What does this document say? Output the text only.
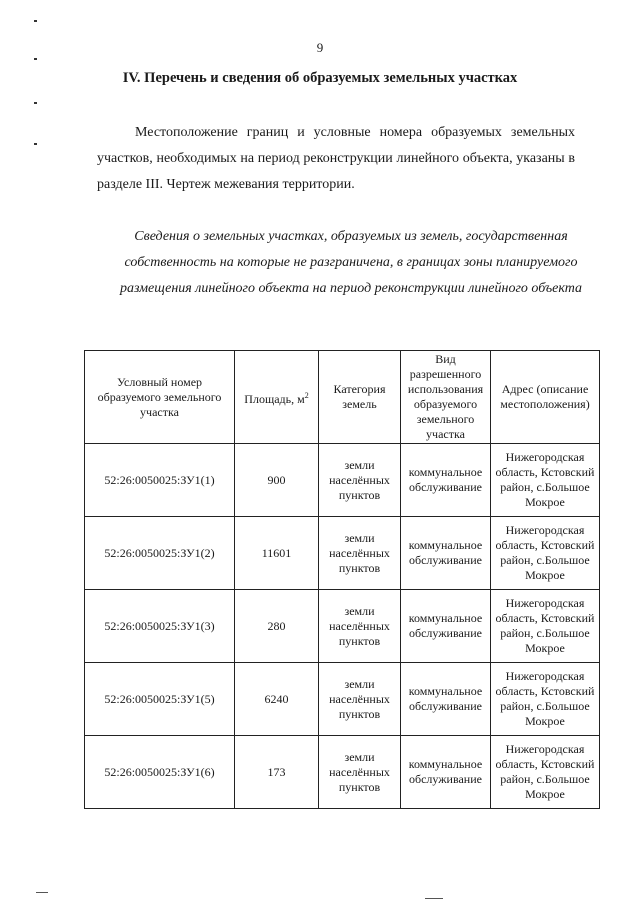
9
IV. Перечень и сведения об образуемых земельных участках

Местоположение границ и условные номера образуемых земельных участков, необходимых на период реконструкции линейного объекта, указаны в разделе III. Чертеж межевания территории.

Сведения о земельных участках, образуемых из земель, государственная собственность на которые не разграничена, в границах зоны планируемого размещения линейного объекта на период реконструкции линейного объекта

Условный номер образуемого земельного участка	Площадь, $м^2$	Категория земель	Вид разрешенного использования образуемого земельного участка	Адрес (описание местоположения)
52:26:0050025:ЗУ1(1)	900	земли населённых пунктов	коммунальное обслуживание	Нижегородская область, Кстовский район, с.Большое Мокрое
52:26:0050025:ЗУ1(2)	11601	земли населённых пунктов	коммунальное обслуживание	Нижегородская область, Кстовский район, с.Большое Мокрое
52:26:0050025:ЗУ1(3)	280	земли населённых пунктов	коммунальное обслуживание	Нижегородская область, Кстовский район, с.Большое Мокрое
52:26:0050025:ЗУ1(5)	6240	земли населённых пунктов	коммунальное обслуживание	Нижегородская область, Кстовский район, с.Большое Мокрое
52:26:0050025:ЗУ1(6)	173	земли населённых пунктов	коммунальное обслуживание	Нижегородская область, Кстовский район, с.Большое Мокрое
